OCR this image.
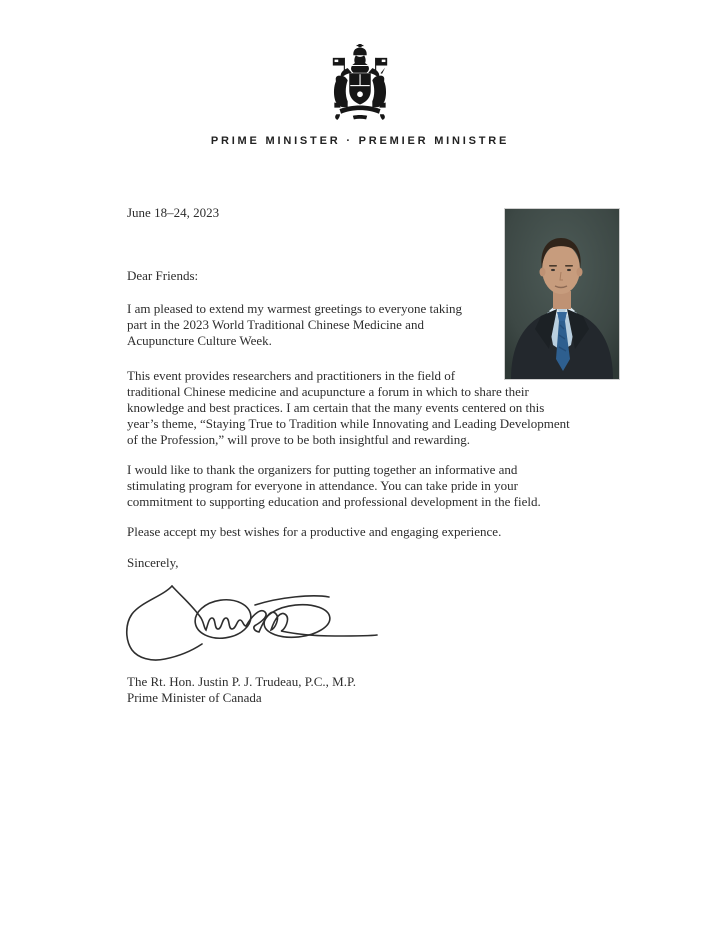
PRIME MINISTER · PREMIER MINISTRE
June 18–24, 2023
Dear Friends:
I am pleased to extend my warmest greetings to everyone taking
part in the 2023 World Traditional Chinese Medicine and
Acupuncture Culture Week.
This event provides researchers and practitioners in the field of
traditional Chinese medicine and acupuncture a forum in which to share their
knowledge and best practices. I am certain that the many events centered on this
year’s theme, “Staying True to Tradition while Innovating and Leading Development
of the Profession,” will prove to be both insightful and rewarding.
I would like to thank the organizers for putting together an informative and
stimulating program for everyone in attendance. You can take pride in your
commitment to supporting education and professional development in the field.
Please accept my best wishes for a productive and engaging experience.
Sincerely,
The Rt. Hon. Justin P. J. Trudeau, P.C., M.P.
Prime Minister of Canada
